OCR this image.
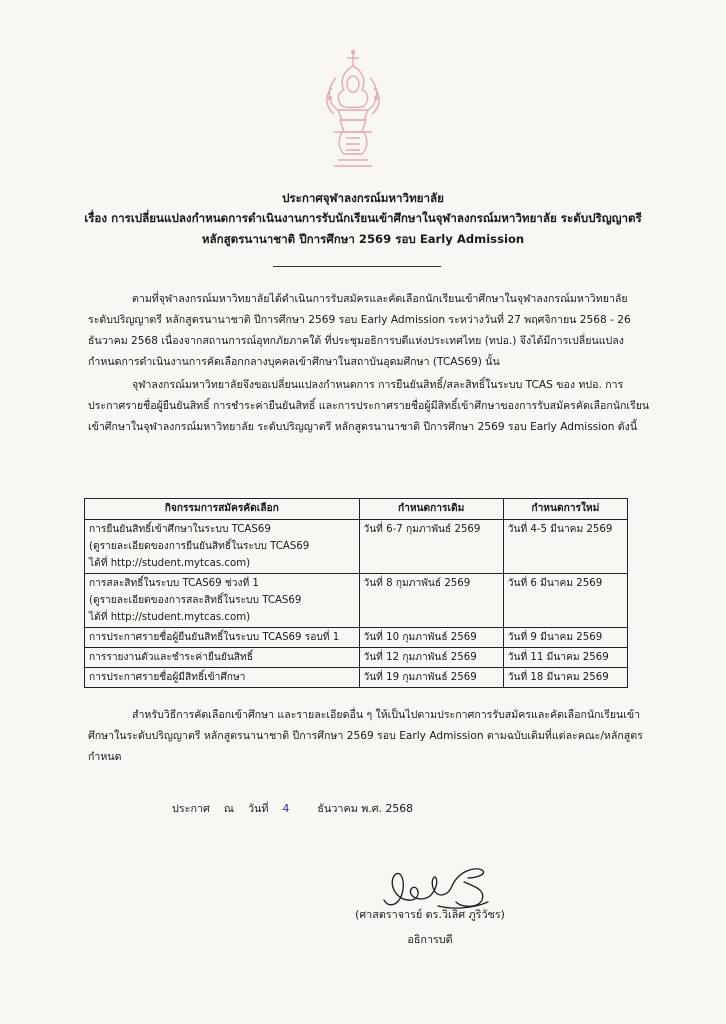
ประกาศจุฬาลงกรณ์มหาวิทยาลัย

เรื่อง การเปลี่ยนแปลงกำหนดการดำเนินงานการรับนักเรียนเข้าศึกษาในจุฬาลงกรณ์มหาวิทยาลัย ระดับปริญญาตรี

หลักสูตรนานาชาติ ปีการศึกษา 2569 รอบ Early Admission

ตามที่จุฬาลงกรณ์มหาวิทยาลัยได้ดำเนินการรับสมัครและคัดเลือกนักเรียนเข้าศึกษาในจุฬาลงกรณ์มหาวิทยาลัย ระดับปริญญาตรี หลักสูตรนานาชาติ ปีการศึกษา 2569 รอบ Early Admission ระหว่างวันที่ 27 พฤศจิกายน 2568 - 26 ธันวาคม 2568 เนื่องจากสถานการณ์อุทกภัยภาคใต้ ที่ประชุมอธิการบดีแห่งประเทศไทย (ทปอ.) จึงได้มีการเปลี่ยนแปลงกำหนดการดำเนินงานการคัดเลือกกลางบุคคลเข้าศึกษาในสถาบันอุดมศึกษา (TCAS69) นั้น

จุฬาลงกรณ์มหาวิทยาลัยจึงขอเปลี่ยนแปลงกำหนดการ การยืนยันสิทธิ์/สละสิทธิ์ในระบบ TCAS ของ ทปอ. การประกาศรายชื่อผู้ยืนยันสิทธิ์ การชำระค่ายืนยันสิทธิ์ และการประกาศรายชื่อผู้มีสิทธิ์เข้าศึกษาของการรับสมัครคัดเลือกนักเรียนเข้าศึกษาในจุฬาลงกรณ์มหาวิทยาลัย ระดับปริญญาตรี หลักสูตรนานาชาติ ปีการศึกษา 2569 รอบ Early Admission ดังนี้

กิจกรรมการสมัครคัดเลือก	กำหนดการเดิม	กำหนดการใหม่

การยืนยันสิทธิ์เข้าศึกษาในระบบ TCAS69
(ดูรายละเอียดของการยืนยันสิทธิ์ในระบบ TCAS69
ได้ที่ http://student.mytcas.com)	วันที่ 6-7 กุมภาพันธ์ 2569	วันที่ 4-5 มีนาคม 2569

การสละสิทธิ์ในระบบ TCAS69 ช่วงที่ 1
(ดูรายละเอียดของการสละสิทธิ์ในระบบ TCAS69
ได้ที่ http://student.mytcas.com)	วันที่ 8 กุมภาพันธ์ 2569	วันที่ 6 มีนาคม 2569
การประกาศรายชื่อผู้ยืนยันสิทธิ์ในระบบ TCAS69 รอบที่ 1	วันที่ 10 กุมภาพันธ์ 2569	วันที่ 9 มีนาคม 2569
การรายงานตัวและชำระค่ายืนยันสิทธิ์	วันที่ 12 กุมภาพันธ์ 2569	วันที่ 11 มีนาคม 2569
การประกาศรายชื่อผู้มีสิทธิ์เข้าศึกษา	วันที่ 19 กุมภาพันธ์ 2569	วันที่ 18 มีนาคม 2569

สำหรับวิธีการคัดเลือกเข้าศึกษา และรายละเอียดอื่น ๆ ให้เป็นไปตามประกาศการรับสมัครและคัดเลือกนักเรียนเข้าศึกษาในระดับปริญญาตรี หลักสูตรนานาชาติ ปีการศึกษา 2569 รอบ Early Admission ตามฉบับเดิมที่แต่ละคณะ/หลักสูตรกำหนด

ประกาศ ณ วันที่ 4	ธันวาคม พ.ศ. 2568
(ศาสตราจารย์ ดร.วิเลิศ ภูริวัชร)
อธิการบดี
